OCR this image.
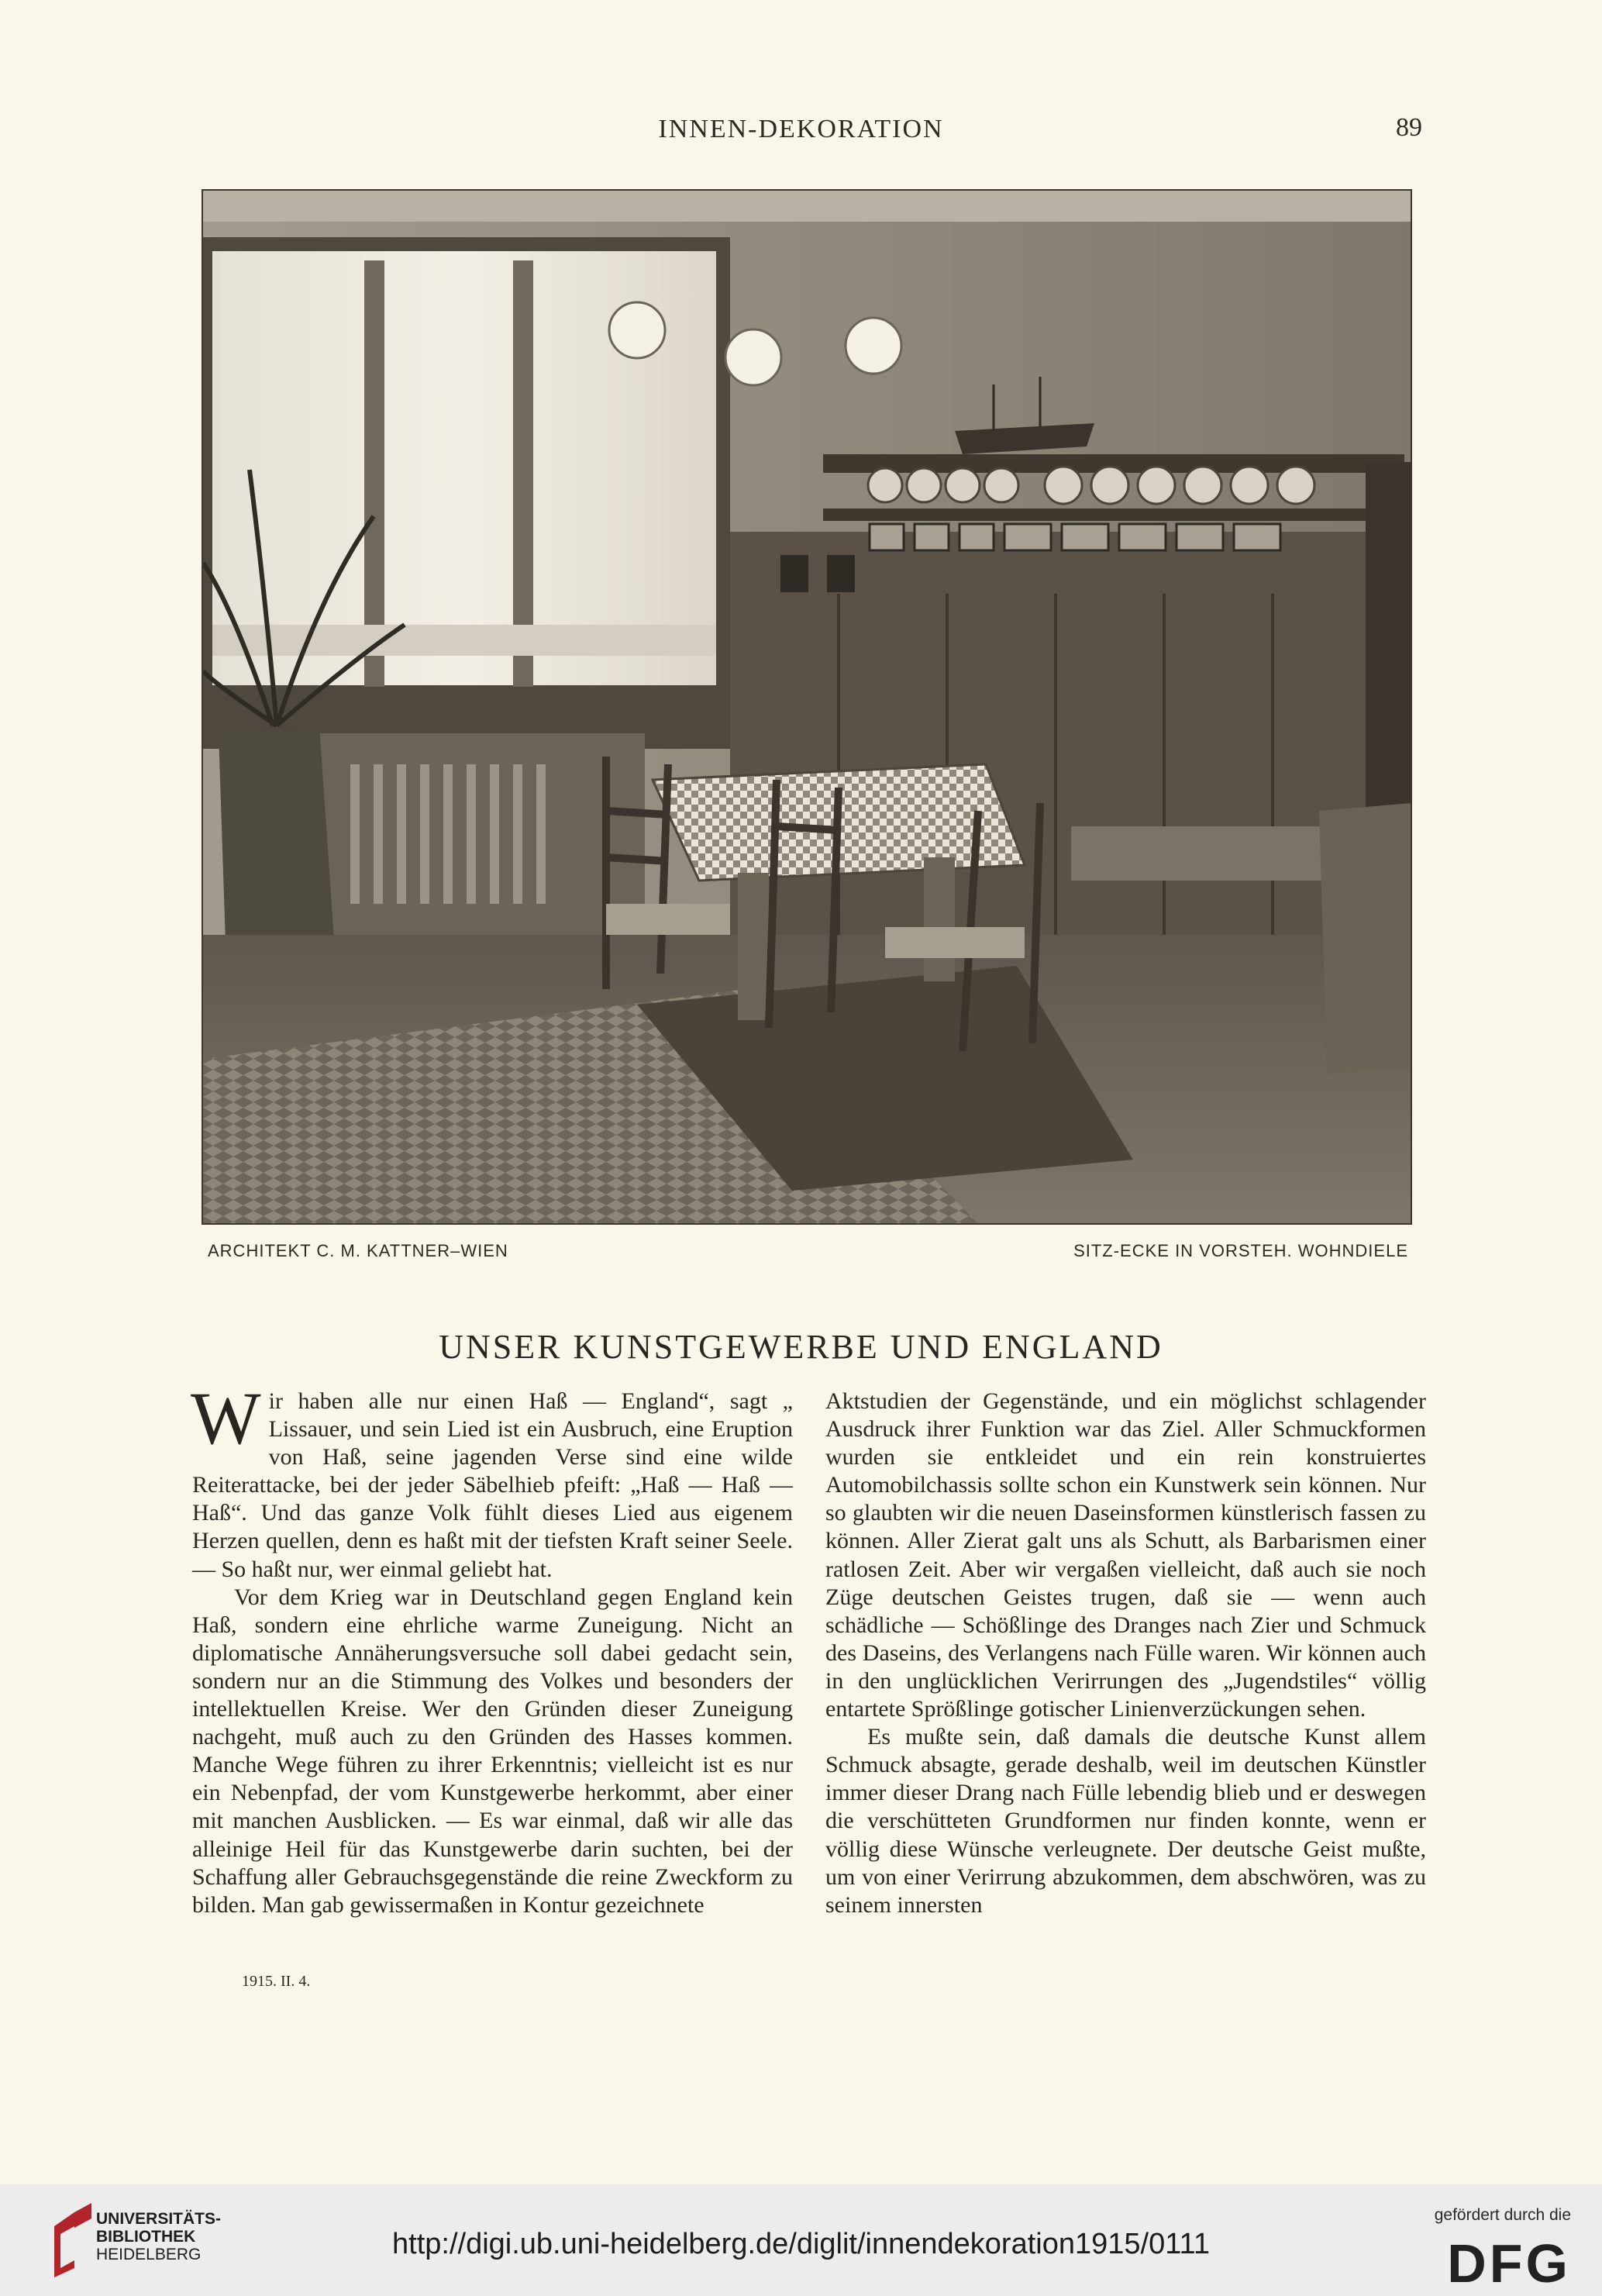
INNEN-DEKORATION	89
ARCHITEKT C. M. KATTNER–WIEN	SITZ-ECKE IN VORSTEH. WOHNDIELE
UNSER KUNSTGEWERBE UND ENGLAND

Wir haben alle nur einen Haß — England“, sagt „ Lissauer, und sein Lied ist ein Ausbruch, eine Eruption von Haß, seine jagenden Verse sind eine wilde Reiterattacke, bei der jeder Säbelhieb pfeift: „Haß — Haß — Haß“. Und das ganze Volk fühlt dieses Lied aus eigenem Herzen quellen, denn es haßt mit der tiefsten Kraft seiner Seele. — So haßt nur, wer einmal geliebt hat.

Vor dem Krieg war in Deutschland gegen England kein Haß, sondern eine ehrliche warme Zuneigung. Nicht an diplomatische Annäherungsversuche soll dabei gedacht sein, sondern nur an die Stimmung des Volkes und besonders der intellektuellen Kreise. Wer den Gründen dieser Zuneigung nachgeht, muß auch zu den Gründen des Hasses kommen. Manche Wege führen zu ihrer Erkenntnis; vielleicht ist es nur ein Nebenpfad, der vom Kunstgewerbe herkommt, aber einer mit manchen Ausblicken. — Es war einmal, daß wir alle das alleinige Heil für das Kunstgewerbe darin suchten, bei der Schaffung aller Gebrauchsgegenstände die reine Zweckform zu bilden. Man gab gewissermaßen in Kontur gezeichnete

Aktstudien der Gegenstände, und ein möglichst schlagender Ausdruck ihrer Funktion war das Ziel. Aller Schmuckformen wurden sie entkleidet und ein rein konstruiertes Automobilchassis sollte schon ein Kunstwerk sein können. Nur so glaubten wir die neuen Daseinsformen künstlerisch fassen zu können. Aller Zierat galt uns als Schutt, als Barbarismen einer ratlosen Zeit. Aber wir vergaßen vielleicht, daß auch sie noch Züge deutschen Geistes trugen, daß sie — wenn auch schädliche — Schößlinge des Dranges nach Zier und Schmuck des Daseins, des Verlangens nach Fülle waren. Wir können auch in den unglücklichen Verirrungen des „Jugendstiles“ völlig entartete Sprößlinge gotischer Linienverzückungen sehen.

Es mußte sein, daß damals die deutsche Kunst allem Schmuck absagte, gerade deshalb, weil im deutschen Künstler immer dieser Drang nach Fülle lebendig blieb und er deswegen die verschütteten Grundformen nur finden konnte, wenn er völlig diese Wünsche verleugnete. Der deutsche Geist mußte, um von einer Verirrung abzukommen, dem abschwören, was zu seinem innersten

1915. II. 4.
UNIVERSITÄTS-
BIBLIOTHEK
HEIDELBERG	http://digi.ub.uni-heidelberg.de/diglit/innendekoration1915/0111
gefördert durch die
DFG
